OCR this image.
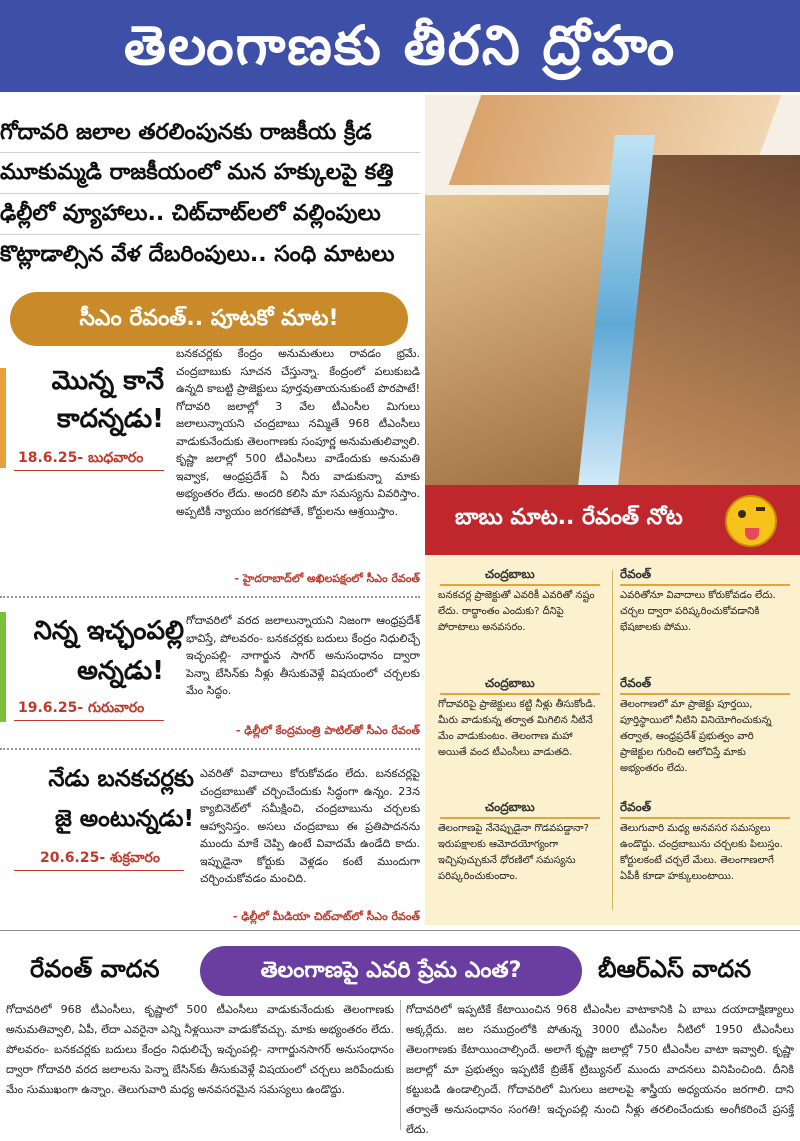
తెలంగాణకు తీరని ద్రోహం
గోదావరి జలాల తరలింపునకు రాజకీయ క్రీడ
మూకుమ్మడి రాజకీయంలో మన హక్కులపై కత్తి
ఢిల్లీలో వ్యూహాలు.. చిట్‌చాట్‌లలో వల్లింపులు
కొట్లాడాల్సిన వేళ దేబరింపులు.. సంధి మాటలు
సీఎం రేవంత్‌.. పూటకో మాట!
మొన్న కానే
కాదన్నడు!
18.6.25- బుధవారం
బనకచర్లకు కేంద్రం అనుమతులు రావడం భ్రమే. చంద్రబాబుకు సూచన చేస్తున్నా. కేంద్రంలో పలుకుబడి ఉన్నది కాబట్టి ప్రాజెక్టులు పూర్తవుతాయనుకుంటే పొరపాటే! గోదావరి జలాల్లో 3 వేల టీఎంసీల మిగులు జలాలున్నాయని చంద్రబాబు నమ్మితే 968 టీఎంసీలు వాడుకునేందుకు తెలంగాణకు సంపూర్ణ అనుమతులివ్వాలి. కృష్ణా జలాల్లో 500 టీఎంసీలు వాడేందుకు అనుమతి ఇవ్వాక, ఆంధ్రప్రదేశ్‌ ఏ నీరు వాడుకున్నా మాకు అభ్యంతరం లేదు. అందరి కలిసి మా సమస్యను వివరిస్తాం. అప్పటికీ న్యాయం జరగకపోతే, కోర్టులను ఆశ్రయిస్తాం.
- హైదరాబాద్‌లో అఖిలపక్షంలో సీఎం రేవంత్‌
నిన్న ఇచ్ఛంపల్లి
అన్నడు!
19.6.25- గురువారం
గోదావరిలో వరద జలాలున్నాయని నిజంగా ఆంధ్రప్రదేశ్‌ భావిస్తే, పోలవరం- బనకచర్లకు బదులు కేంద్రం నిధులిచ్చే ఇచ్ఛంపల్లి- నాగార్జున సాగర్‌ అనుసంధానం ద్వారా పెన్నా బేసిన్‌కు నీళ్లు తీసుకువెళ్లే విషయంలో చర్చలకు మేం సిద్ధం.
- ఢిల్లీలో కేంద్రమంత్రి పాటిల్‌తో సీఎం రేవంత్‌
నేడు బనకచర్లకు
జై అంటున్నడు!
20.6.25- శుక్రవారం
ఎవరితో వివాదాలు కోరుకోవడం లేదు. బనకచర్లపై చంద్రబాబుతో చర్చించేందుకు సిద్ధంగా ఉన్నం. 23న క్యాబినెట్‌లో సమీక్షించి, చంద్రబాబును చర్చలకు ఆహ్వానిస్తం. అసలు చంద్రబాబు ఈ ప్రతిపాదనను ముందు మాకే చెప్పి ఉంటే వివాదమే ఉండేది కాదు. ఇప్పుడైనా కోర్టుకు వెళ్లడం కంటే ముందుగా చర్చించుకోవడం మంచిది.
- ఢిల్లీలో మీడియా చిట్‌చాట్‌లో సీఎం రేవంత్‌
బాబు మాట.. రేవంత్‌ నోట
చంద్రబాబు	రేవంత్‌
బనకచర్ల ప్రాజెక్టుతో ఎవరికీ ఎవరితో నష్టం లేదు. రాద్ధాంతం ఎందుకు? దీనిపై పోరాటాలు అనవసరం.
ఎవరితోనూ వివాదాలు కోరుకోవడం లేదు. చర్చల ద్వారా పరిష్కరించుకోవడానికి భేషజాలకు పోము.
చంద్రబాబు	రేవంత్‌
గోదావరిపై ప్రాజెక్టులు కట్టి నీళ్లు తీసుకోండి. మీరు వాడుకున్న తర్వాత మిగిలిన నీటినే మేం వాడుకుంటం. తెలంగాణ మహా అయితే వంద టీఎంసీలు వాడుతది.
తెలంగాణలో మా ప్రాజెక్టు పూర్తయి, పూర్తిస్థాయిలో నీటిని వినియోగించుకున్న తర్వాత, ఆంధ్రప్రదేశ్‌ ప్రభుత్వం వారి ప్రాజెక్టుల గురించి ఆలోచిస్తే మాకు అభ్యంతరం లేదు.
చంద్రబాబు	రేవంత్‌
తెలంగాణపై నేనెప్పుడైనా గొడవపడ్డానా? ఇరుపక్షాలకు ఆమోదయోగ్యంగా ఇచ్చిపుచ్చుకునే ధోరణిలో సమస్యను పరిష్కరించుకుందాం.
తెలుగువారి మధ్య అనవసర సమస్యలు ఉండొద్దు. చంద్రబాబును చర్చలకు పిలుస్తం. కోర్టులకంటే చర్చలే మేలు. తెలంగాణలాగే ఏపీకీ కూడా హక్కులుంటాయి.
రేవంత్‌ వాదన	తెలంగాణపై ఎవరి ప్రేమ ఎంత?	బీఆర్‌ఎస్‌ వాదన
గోదావరిలో 968 టీఎంసీలు, కృష్ణాలో 500 టీఎంసీలు వాడుకునేందుకు తెలంగాణకు అనుమతివ్వాలి, ఏపీ, లేదా ఎవరైనా ఎన్ని నీళ్లయినా వాడుకోవచ్చు. మాకు అభ్యంతరం లేదు. పోలవరం- బనకచర్లకు బదులు కేంద్రం నిధులిచ్చే ఇచ్ఛంపల్లి- నాగార్జునసాగర్‌ అనుసంధానం ద్వారా గోదావరి వరద జలాలను పెన్నా బేసిన్‌కు తీసుకువెళ్లే విషయంలో చర్చలు జరిపేందుకు మేం సుముఖంగా ఉన్నాం. తెలుగువారి మధ్య అనవసరమైన సమస్యలు ఉండొద్దు.
గోదావరిలో ఇప్పటికే కేటాయించిన 968 టీఎంసీల వాటాకానికి ఏ బాబు దయాదాక్షిణ్యాలు అక్కర్లేదు. జల సముద్రంలోకి పోతున్న 3000 టీఎంసీల నీటిలో 1950 టీఎంసీలు తెలంగాణకు కేటాయించాల్సిందే. అలాగే కృష్ణా జలాల్లో 750 టీఎంసీల వాటా ఇవ్వాలి. కృష్ణా జలాల్లో మా ప్రభుత్వం ఇప్పటికే బ్రిజేశ్‌ ట్రిబ్యునల్‌ ముందు వాదనలు వినిపించింది. దీనికి కట్టుబడి ఉండాల్సిందే. గోదావరిలో మిగులు జలాలపై శాస్త్రీయ అధ్యయనం జరగాలి. దాని తర్వాతే అనుసంధానం సంగతి! ఇచ్ఛంపల్లి నుంచి నీళ్లు తరలించేందుకు అంగీకరించే ప్రసక్తే లేదు.
